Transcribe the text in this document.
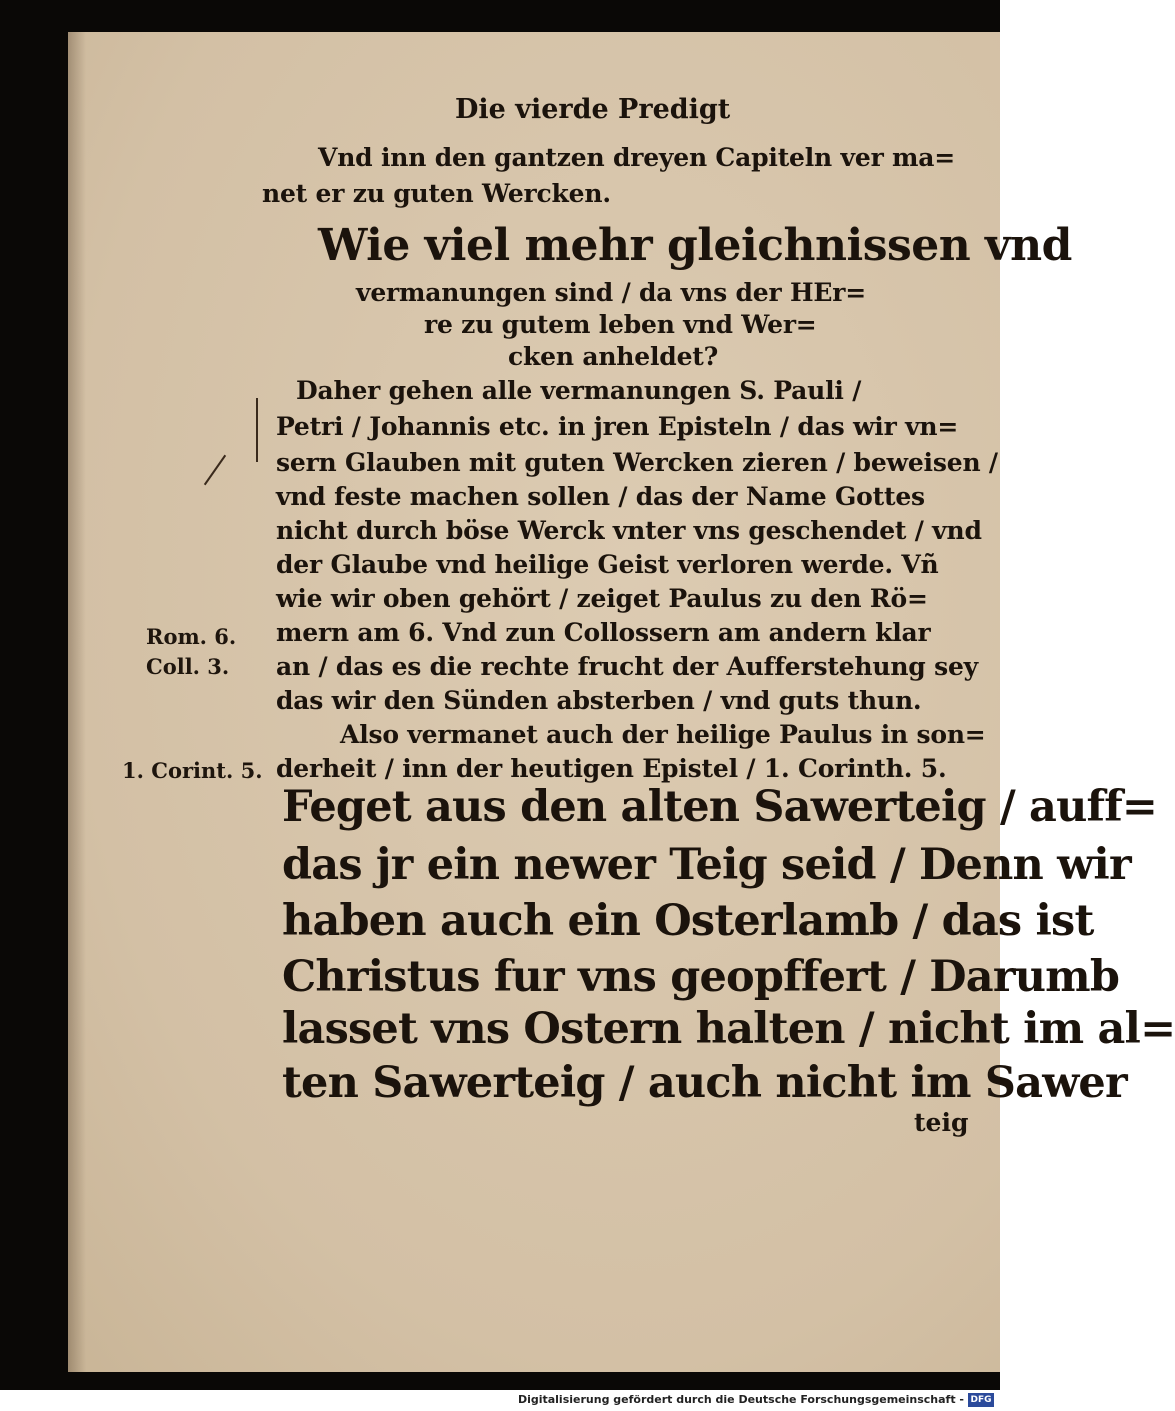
Die vierde Predigt
Vnd inn den gantzen dreyen Capiteln ver ma=
net er zu guten Wercken.
Wie viel mehr gleichnissen vnd
vermanungen sind / da vns der HEr=
re zu gutem leben vnd Wer=
cken anheldet?
Daher gehen alle vermanungen S. Pauli /
Petri / Johannis etc. in jren Episteln / das wir vn=
sern Glauben mit guten Wercken zieren / beweisen /
vnd feste machen sollen / das der Name Gottes
nicht durch böse Werck vnter vns geschendet / vnd
der Glaube vnd heilige Geist verloren werde. Vñ
wie wir oben gehört / zeiget Paulus zu den Rö=
mern am 6. Vnd zun Collossern am andern klar
an / das es die rechte frucht der Aufferstehung sey
das wir den Sünden absterben / vnd guts thun.
Also vermanet auch der heilige Paulus in son=
derheit / inn der heutigen Epistel / 1. Corinth. 5.
Feget aus den alten Sawerteig / auff=
das jr ein newer Teig seid / Denn wir
haben auch ein Osterlamb / das ist
Christus fur vns geopffert / Darumb
lasset vns Ostern halten / nicht im al=
ten Sawerteig / auch nicht im Sawer
teig
Rom. 6.
Coll. 3.
1. Corint. 5.
Digitalisierung gefördert durch die Deutsche Forschungsgemeinschaft - DFG
